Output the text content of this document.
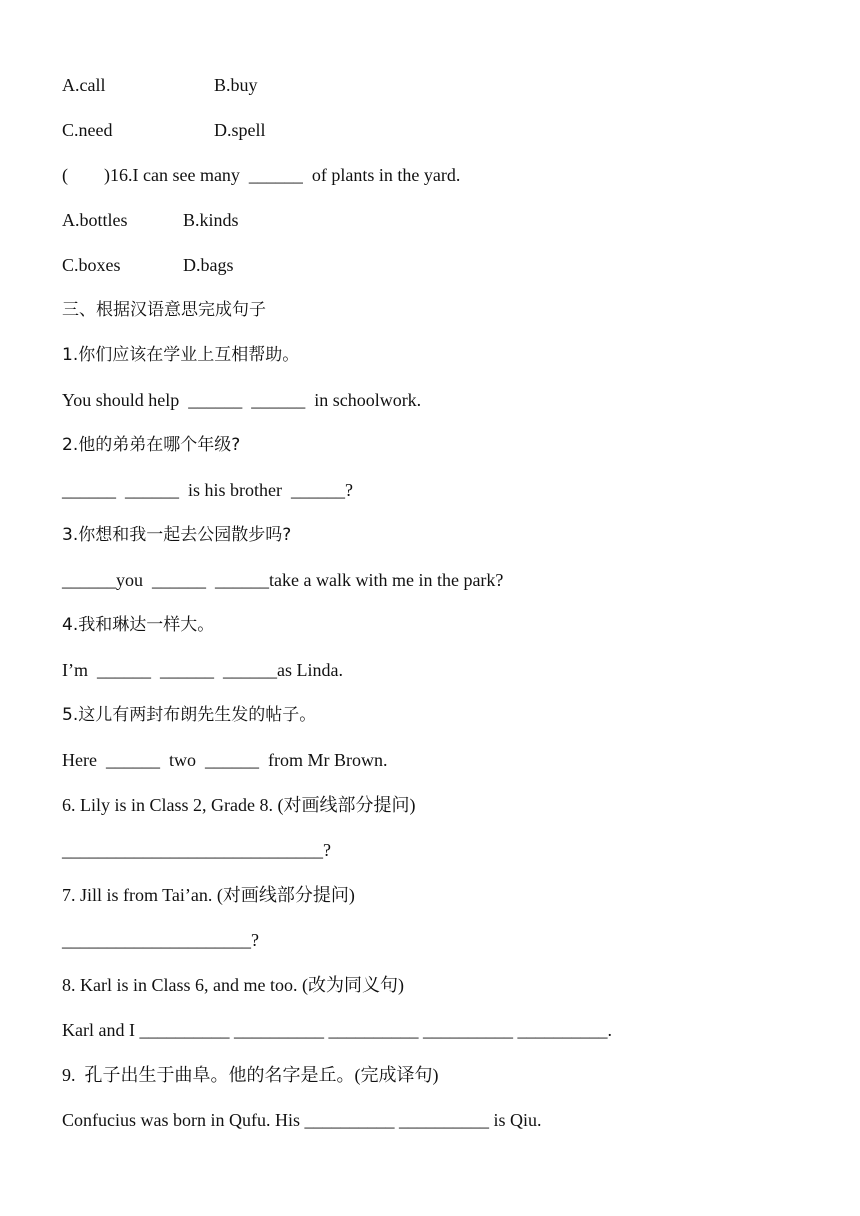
A.call	B.buy
C.need	D.spell
(        )16.I can see many  ______  of plants in the yard.
A.bottles	B.kinds
C.boxes	D.bags
三、根据汉语意思完成句子
1.你们应该在学业上互相帮助。
You should help  ______  ______  in schoolwork.
2.他的弟弟在哪个年级?
______  ______  is his brother  ______?
3.你想和我一起去公园散步吗?
______you  ______  ______take a walk with me in the park?
4.我和琳达一样大。
I’m  ______  ______  ______as Linda.
5.这儿有两封布朗先生发的帖子。
Here  ______  two  ______  from Mr Brown.
6. Lily is in Class 2, Grade 8. (对画线部分提问)
_____________________________?
7. Jill is from Tai’an. (对画线部分提问)
_____________________?
8. Karl is in Class 6, and me too. (改为同义句)
Karl and I __________ __________ __________ __________ __________.
9.  孔子出生于曲阜。他的名字是丘。(完成译句)
Confucius was born in Qufu. His __________ __________ is Qiu.
